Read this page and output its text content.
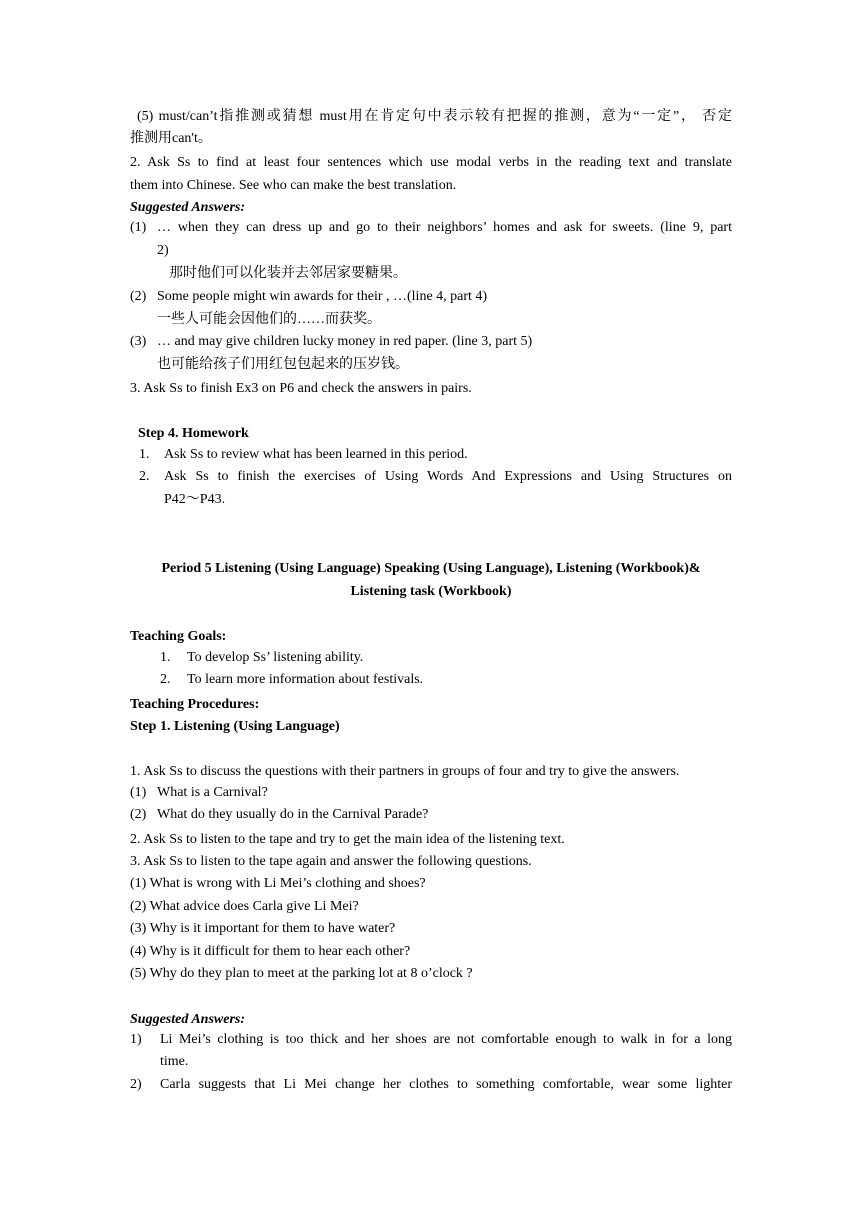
(5) must/can’t指推测或猜想 must用在肯定句中表示较有把握的推测，意为“一定”， 否定
推测用can't。
2. Ask Ss to find at least four sentences which use modal verbs in the reading text and translate
them into Chinese. See who can make the best translation.
Suggested Answers:
(1) … when they can dress up and go to their neighbors’ homes and ask for sweets. (line 9, part
2)
那时他们可以化装并去邻居家要糖果。
(2) Some people might win awards for their , …(line 4, part 4)
一些人可能会因他们的……而获奖。
(3) … and may give children lucky money in red paper. (line 3, part 5)
也可能给孩子们用红包包起来的压岁钱。
3. Ask Ss to finish Ex3 on P6 and check the answers in pairs.
Step 4. Homework
1. Ask Ss to review what has been learned in this period.
2. Ask Ss to finish the exercises of Using Words And Expressions and Using Structures on
P42～P43.
Period 5 Listening (Using Language) Speaking (Using Language), Listening (Workbook)&
Listening task (Workbook)
Teaching Goals:
1. To develop Ss’ listening ability.
2. To learn more information about festivals.
Teaching Procedures:
Step 1. Listening (Using Language)
1. Ask Ss to discuss the questions with their partners in groups of four and try to give the answers.
(1) What is a Carnival?
(2) What do they usually do in the Carnival Parade?
2. Ask Ss to listen to the tape and try to get the main idea of the listening text.
3. Ask Ss to listen to the tape again and answer the following questions.
(1) What is wrong with Li Mei’s clothing and shoes?
(2) What advice does Carla give Li Mei?
(3) Why is it important for them to have water?
(4) Why is it difficult for them to hear each other?
(5) Why do they plan to meet at the parking lot at 8 o’clock ?
Suggested Answers:
1) Li Mei’s clothing is too thick and her shoes are not comfortable enough to walk in for a long
time.
2) Carla suggests that Li Mei change her clothes to something comfortable, wear some lighter
